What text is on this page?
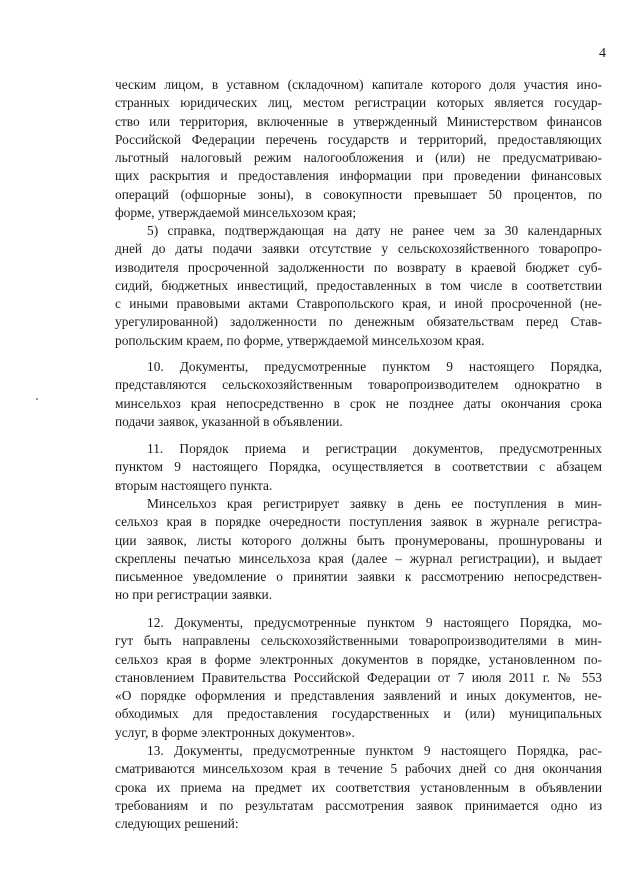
4
ческим лицом, в уставном (складочном) капитале которого доля участия ино-
странных юридических лиц, местом регистрации которых является государ-
ство или территория, включенные в утвержденный Министерством финансов
Российской Федерации перечень государств и территорий, предоставляющих
льготный налоговый режим налогообложения и (или) не предусматриваю-
щих раскрытия и предоставления информации при проведении финансовых
операций (офшорные зоны), в совокупности превышает 50 процентов, по
форме, утверждаемой минсельхозом края;
5) справка, подтверждающая на дату не ранее чем за 30 календарных
дней до даты подачи заявки отсутствие у сельскохозяйственного товаропро-
изводителя просроченной задолженности по возврату в краевой бюджет суб-
сидий, бюджетных инвестиций, предоставленных в том числе в соответствии
с иными правовыми актами Ставропольского края, и иной просроченной (не-
урегулированной) задолженности по денежным обязательствам перед Став-
ропольским краем, по форме, утверждаемой минсельхозом края.
10. Документы, предусмотренные пунктом 9 настоящего Порядка,
представляются сельскохозяйственным товаропроизводителем однократно в
минсельхоз края непосредственно в срок не позднее даты окончания срока
подачи заявок, указанной в объявлении.
11. Порядок приема и регистрации документов, предусмотренных
пунктом 9 настоящего Порядка, осуществляется в соответствии с абзацем
вторым настоящего пункта.
Минсельхоз края регистрирует заявку в день ее поступления в мин-
сельхоз края в порядке очередности поступления заявок в журнале регистра-
ции заявок, листы которого должны быть пронумерованы, прошнурованы и
скреплены печатью минсельхоза края (далее – журнал регистрации), и выдает
письменное уведомление о принятии заявки к рассмотрению непосредствен-
но при регистрации заявки.
12. Документы, предусмотренные пунктом 9 настоящего Порядка, мо-
гут быть направлены сельскохозяйственными товаропроизводителями в мин-
сельхоз края в форме электронных документов в порядке, установленном по-
становлением Правительства Российской Федерации от 7 июля 2011 г. № 553
«О порядке оформления и представления заявлений и иных документов, не-
обходимых для предоставления государственных и (или) муниципальных
услуг, в форме электронных документов».
13. Документы, предусмотренные пунктом 9 настоящего Порядка, рас-
сматриваются минсельхозом края в течение 5 рабочих дней со дня окончания
срока их приема на предмет их соответствия установленным в объявлении
требованиям и по результатам рассмотрения заявок принимается одно из
следующих решений:
